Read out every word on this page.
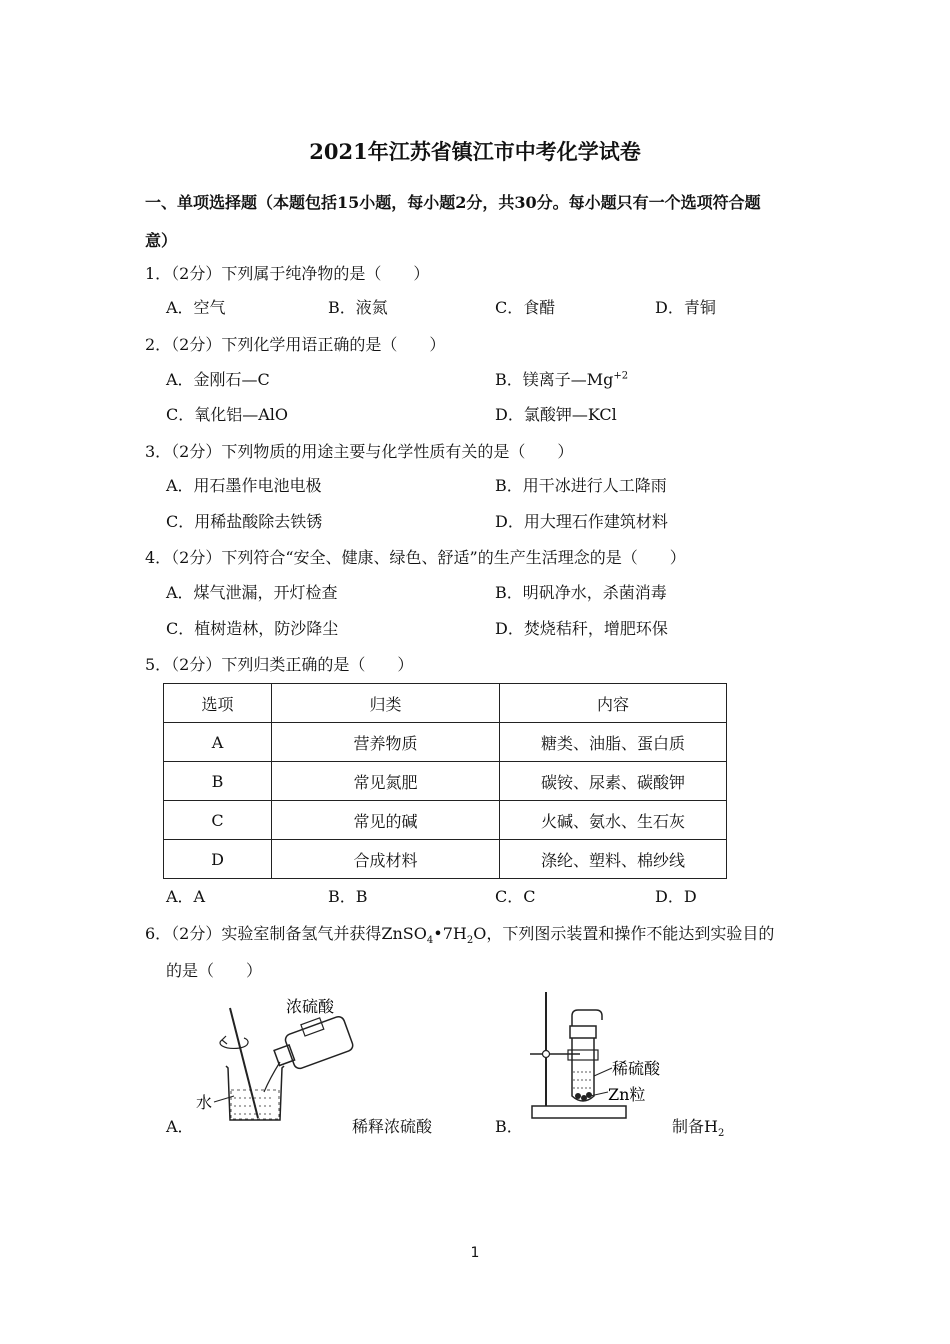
2021年江苏省镇江市中考化学试卷
一、单项选择题（本题包括15小题，每小题2分，共30分。每小题只有一个选项符合题
意）
1．（2分）下列属于纯净物的是（　　）
A．空气	B．液氮	C．食醋	D．青铜
2．（2分）下列化学用语正确的是（　　）
A．金刚石—C	B．镁离子$—Mg^{+2}$
C．氧化铝—AlO	D．氯酸钾—KCl
3．（2分）下列物质的用途主要与化学性质有关的是（　　）
A．用石墨作电池电极	B．用干冰进行人工降雨
C．用稀盐酸除去铁锈	D．用大理石作建筑材料
4．（2分）下列符合“安全、健康、绿色、舒适”的生产生活理念的是（　　）
A．煤气泄漏，开灯检查	B．明矾净水，杀菌消毒
C．植树造林，防沙降尘	D．焚烧秸秆，增肥环保
5．（2分）下列归类正确的是（　　）
选项	归类	内容
A	营养物质	糖类、油脂、蛋白质
B	常见氮肥	碳铵、尿素、碳酸钾
C	常见的碱	火碱、氨水、生石灰
D	合成材料	涤纶、塑料、棉纱线
A．A	B．B	C．C	D．D
6．（2分）实验室制备氢气并获得$ZnSO_4•7H_2O$，下列图示装置和操作不能达到实验目的
的是（　　）
浓硫酸
水
A．	稀释浓硫酸
稀硫酸
Zn粒
B．	制备$H_2$
1
